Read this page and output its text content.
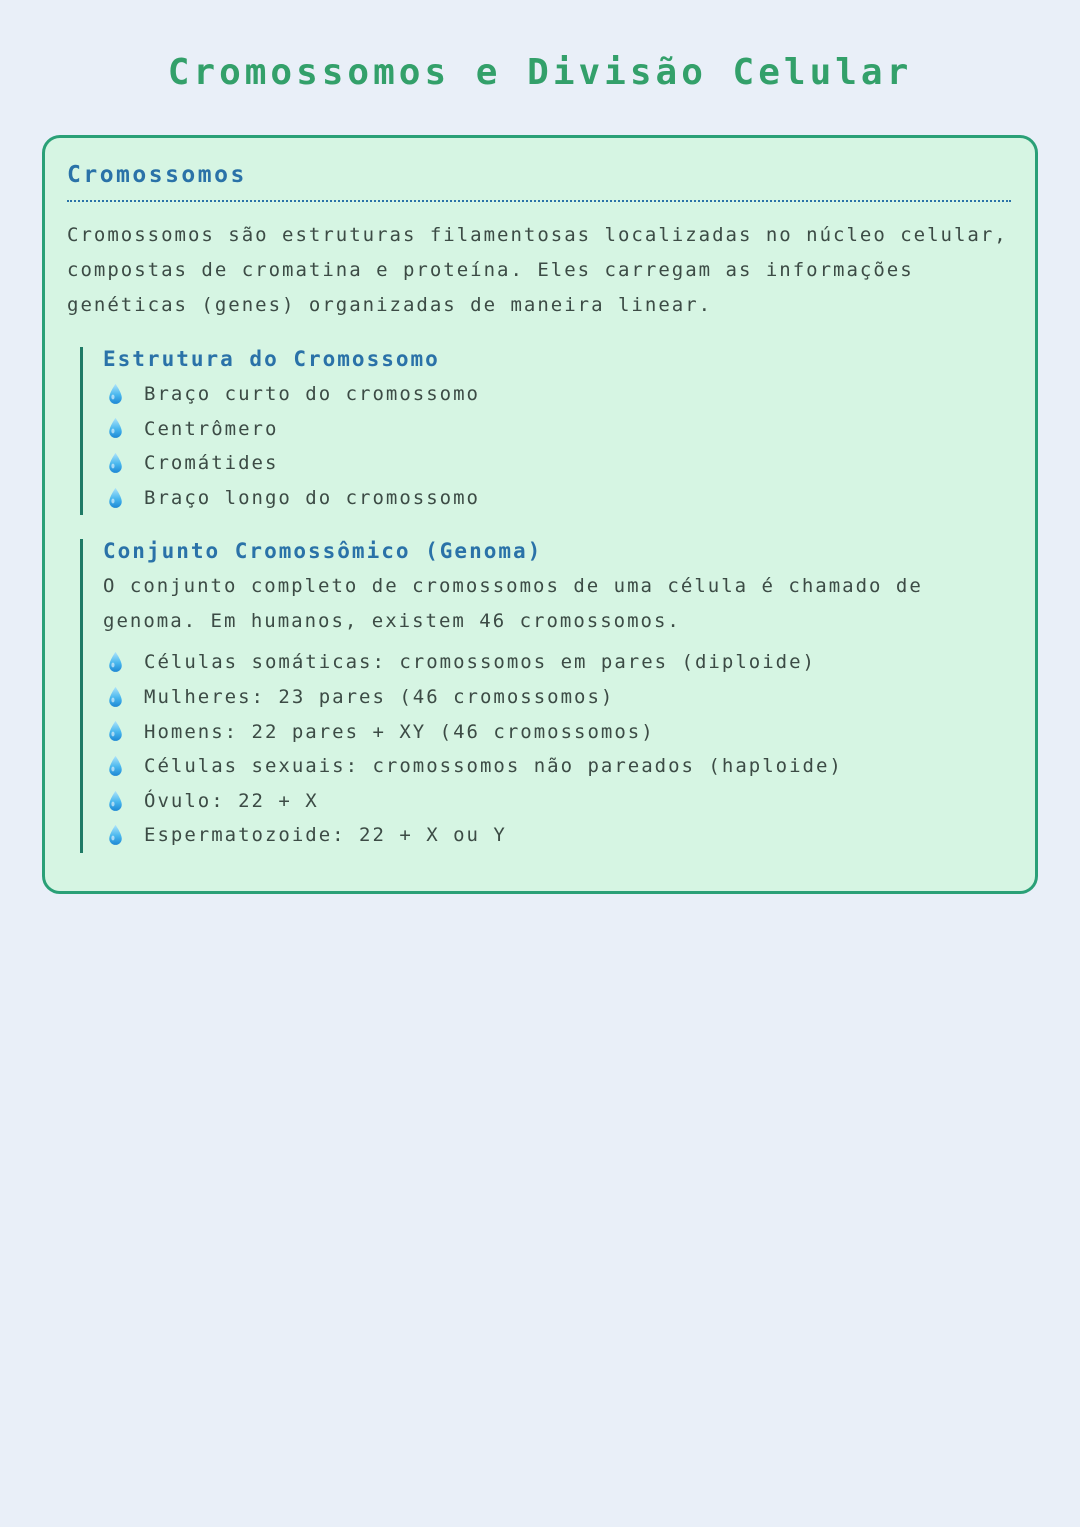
Cromossomos e Divisão Celular
Cromossomos

Cromossomos são estruturas filamentosas localizadas no núcleo celular, compostas de cromatina e proteína. Eles carregam as informações genéticas (genes) organizadas de maneira linear.

Estrutura do Cromossomo
Braço curto do cromossomo
Centrômero
Cromátides
Braço longo do cromossomo
Conjunto Cromossômico (Genoma)

O conjunto completo de cromossomos de uma célula é chamado de genoma. Em humanos, existem 46 cromossomos.

Células somáticas: cromossomos em pares (diploide)
Mulheres: 23 pares (46 cromossomos)
Homens: 22 pares + XY (46 cromossomos)
Células sexuais: cromossomos não pareados (haploide)
Óvulo: 22 + X
Espermatozoide: 22 + X ou Y
